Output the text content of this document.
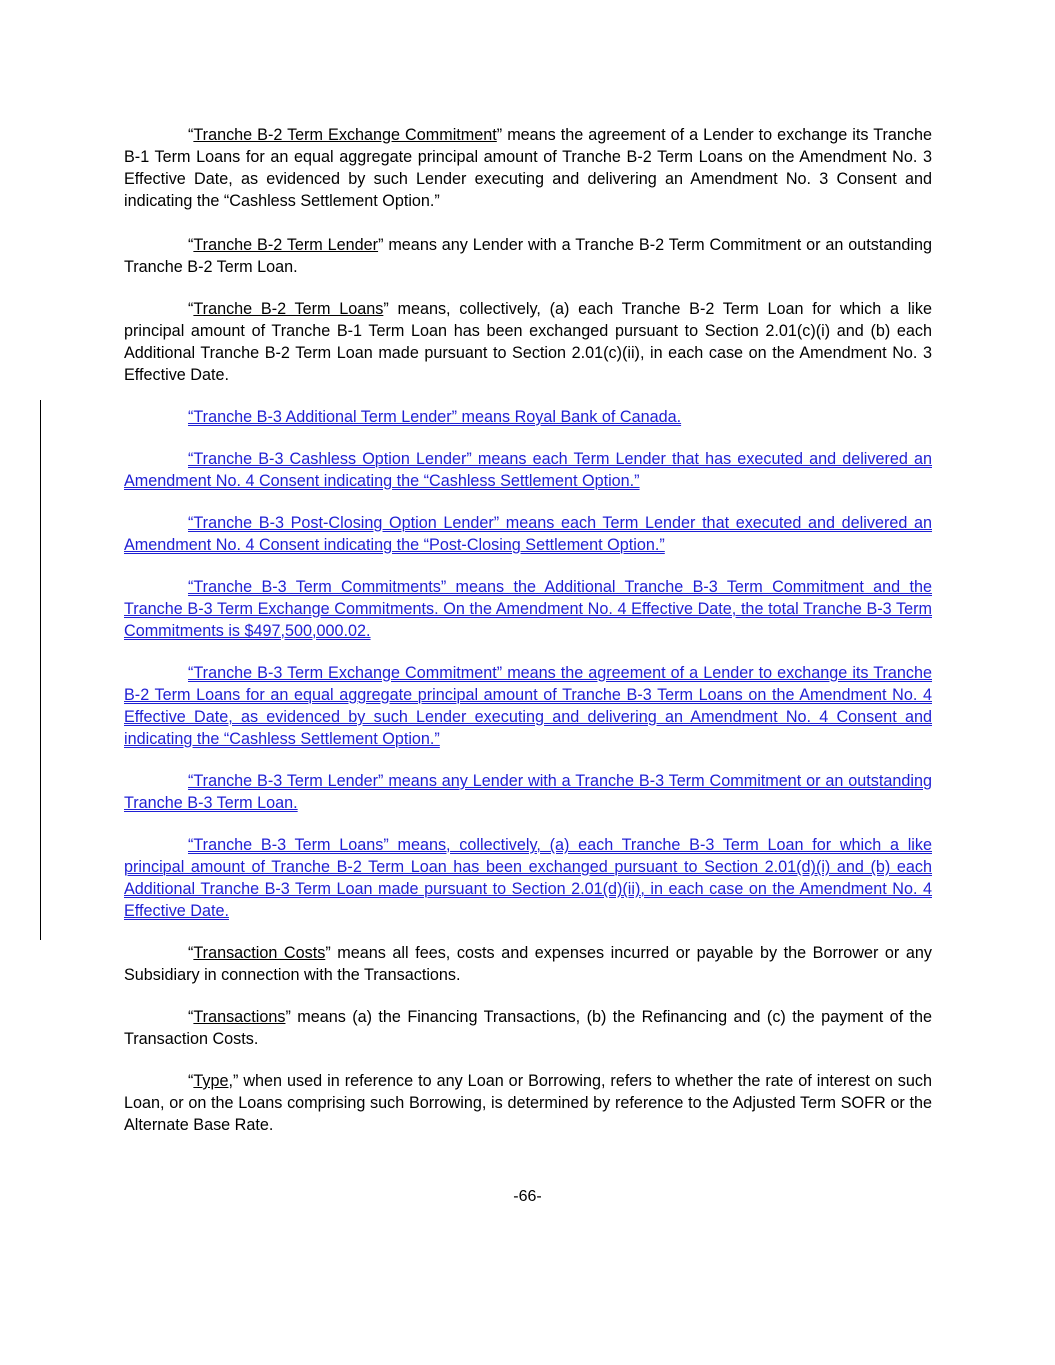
“Tranche B-2 Term Exchange Commitment” means the agreement of a Lender to exchange its Tranche B-1 Term Loans for an equal aggregate principal amount of Tranche B-2 Term Loans on the Amendment No. 3 Effective Date, as evidenced by such Lender executing and delivering an Amendment No. 3 Consent and indicating the “Cashless Settlement Option.”

“Tranche B-2 Term Lender” means any Lender with a Tranche B-2 Term Commitment or an outstanding Tranche B-2 Term Loan.

“Tranche B-2 Term Loans” means, collectively, (a) each Tranche B-2 Term Loan for which a like principal amount of Tranche B-1 Term Loan has been exchanged pursuant to Section 2.01(c)(i) and (b) each Additional Tranche B-2 Term Loan made pursuant to Section 2.01(c)(ii), in each case on the Amendment No. 3 Effective Date.

“Tranche B-3 Additional Term Lender” means Royal Bank of Canada.

“Tranche B-3 Cashless Option Lender” means each Term Lender that has executed and delivered an Amendment No. 4 Consent indicating the “Cashless Settlement Option.”

“Tranche B-3 Post-Closing Option Lender” means each Term Lender that executed and delivered an Amendment No. 4 Consent indicating the “Post-Closing Settlement Option.”

“Tranche B-3 Term Commitments” means the Additional Tranche B-3 Term Commitment and the Tranche B-3 Term Exchange Commitments. On the Amendment No. 4 Effective Date, the total Tranche B-3 Term Commitments is $497,500,000.02.

“Tranche B-3 Term Exchange Commitment” means the agreement of a Lender to exchange its Tranche B-2 Term Loans for an equal aggregate principal amount of Tranche B-3 Term Loans on the Amendment No. 4 Effective Date, as evidenced by such Lender executing and delivering an Amendment No. 4 Consent and indicating the “Cashless Settlement Option.”

“Tranche B-3 Term Lender” means any Lender with a Tranche B-3 Term Commitment or an outstanding Tranche B-3 Term Loan.

“Tranche B-3 Term Loans” means, collectively, (a) each Tranche B-3 Term Loan for which a like principal amount of Tranche B-2 Term Loan has been exchanged pursuant to Section 2.01(d)(i) and (b) each Additional Tranche B-3 Term Loan made pursuant to Section 2.01(d)(ii), in each case on the Amendment No. 4 Effective Date.

“Transaction Costs” means all fees, costs and expenses incurred or payable by the Borrower or any Subsidiary in connection with the Transactions.

“Transactions” means (a) the Financing Transactions, (b) the Refinancing and (c) the payment of the Transaction Costs.

“Type,” when used in reference to any Loan or Borrowing, refers to whether the rate of interest on such Loan, or on the Loans comprising such Borrowing, is determined by reference to the Adjusted Term SOFR or the Alternate Base Rate.

-66-
